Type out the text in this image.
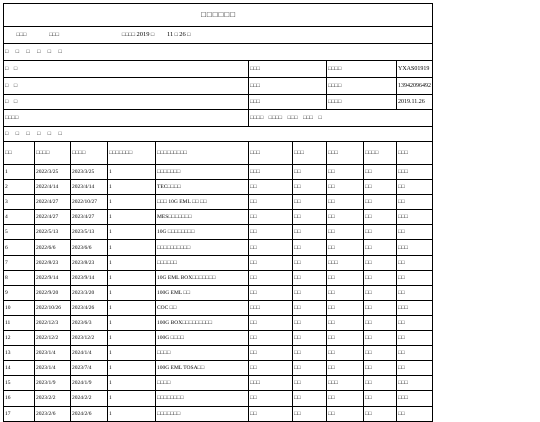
□□□□□□									
□□□ □□□ □□□□ 2019 □ 11 □ 26 □									
□ □ □ □ □ □									
□　□					□□□		□□□□		YXAS01919
□　□					□□□		□□□□		13942096492
□　□					□□□		□□□□		2019.11.26
□□□□					□□□□　□□□□　□□□　□□□　□				
□ □ □ □ □ □									
□□	□□□□	□□□□	□□□□□□□	□□□□□□□□□	□□□	□□□	□□□	□□□□	□□□
1	2022/3/25	2023/3/25	1	□□□□□□□	□□□	□□	□□	□□	□□□
2	2022/4/14	2023/4/14	1	TEC□□□□	□□	□□	□□	□□	□□
3	2022/4/27	2022/10/27	1	□□□ 10G EML □□ □□	□□	□□	□□	□□	□□
4	2022/4/27	2023/4/27	1	MES□□□□□□□	□□	□□	□□	□□	□□□
5	2022/5/13	2023/5/13	1	10G □□□□□□□□	□□	□□	□□	□□	□□
6	2022/6/6	2023/6/6	1	□□□□□□□□□□	□□	□□	□□	□□	□□□
7	2022/8/23	2023/8/23	1	□□□□□□	□□	□□	□□□	□□	□□
8	2022/9/14	2023/9/14	1	10G EML BOX□□□□□□□	□□	□□	□□	□□	□□
9	2022/9/20	2023/3/20	1	100G EML □□	□□	□□	□□	□□	□□
10	2022/10/26	2023/4/26	1	COC □□	□□□	□□	□□	□□	□□□
11	2022/12/3	2023/6/3	1	100G BOX□□□□□□□□□	□□	□□	□□	□□	□□
12	2022/12/2	2023/12/2	1	100G □□□□	□□	□□	□□	□□	□□
13	2023/1/4	2024/1/4	1	□□□□	□□	□□	□□	□□	□□
14	2023/1/4	2023/7/4	1	100G EML TOSA□□	□□	□□	□□	□□	□□
15	2023/1/9	2024/1/9	1	□□□□	□□□	□□	□□□	□□	□□□
16	2023/2/2	2024/2/2	1	□□□□□□□□	□□	□□	□□	□□	□□□
17	2023/2/6	2024/2/6	1	□□□□□□□	□□	□□	□□	□□	□□
